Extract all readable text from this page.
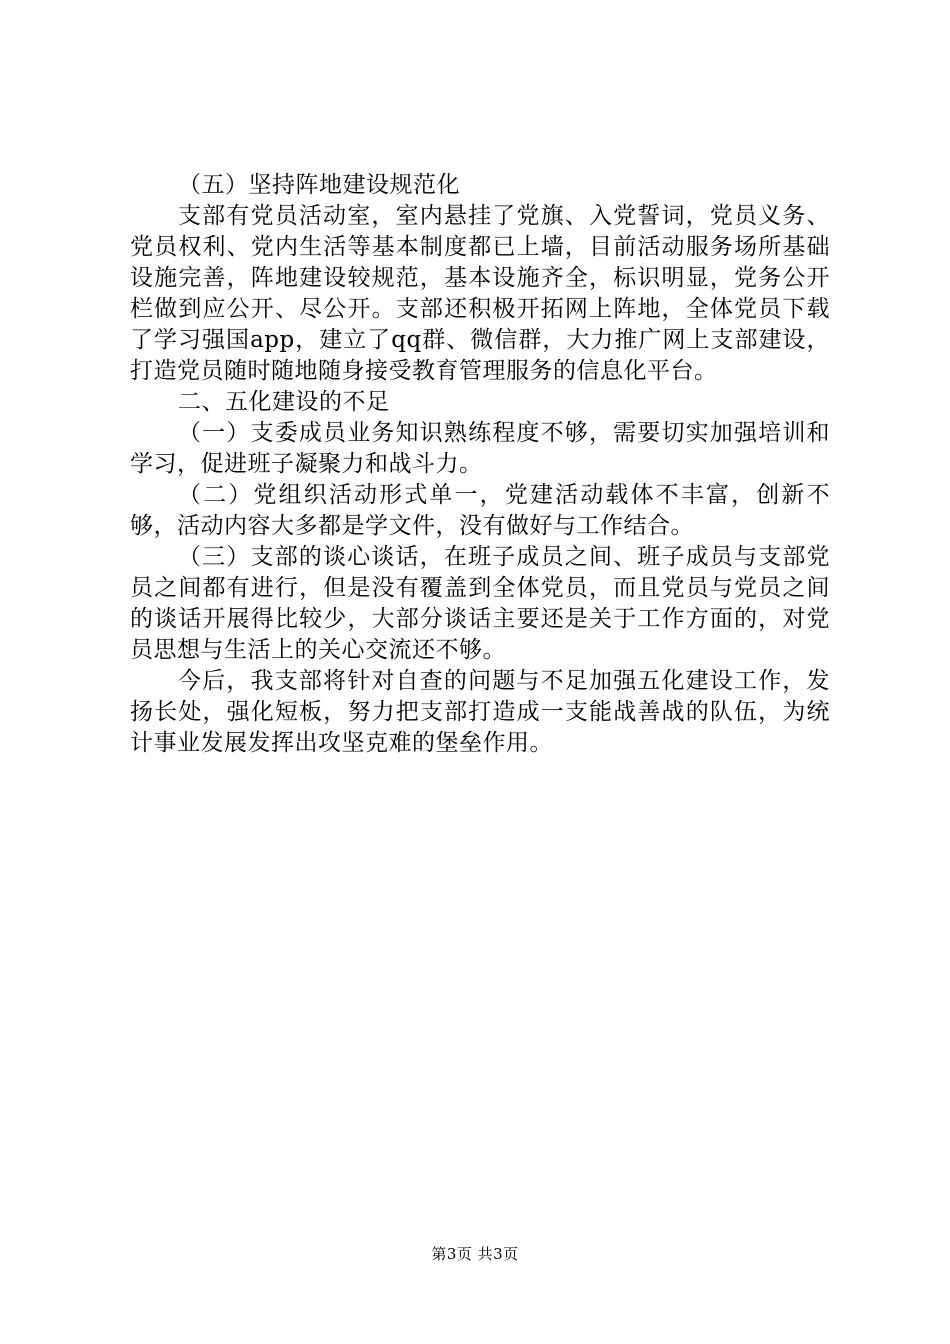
（五）坚持阵地建设规范化

支部有党员活动室，室内悬挂了党旗、入党誓词，党员义务、党员权利、党内生活等基本制度都已上墙，目前活动服务场所基础设施完善，阵地建设较规范，基本设施齐全，标识明显，党务公开栏做到应公开、尽公开。支部还积极开拓网上阵地，全体党员下载了学习强国app，建立了qq群、微信群，大力推广网上支部建设，打造党员随时随地随身接受教育管理服务的信息化平台。

二、五化建设的不足

（一）支委成员业务知识熟练程度不够，需要切实加强培训和学习，促进班子凝聚力和战斗力。

（二）党组织活动形式单一，党建活动载体不丰富，创新不够，活动内容大多都是学文件，没有做好与工作结合。

（三）支部的谈心谈话，在班子成员之间、班子成员与支部党员之间都有进行，但是没有覆盖到全体党员，而且党员与党员之间的谈话开展得比较少，大部分谈话主要还是关于工作方面的，对党员思想与生活上的关心交流还不够。

今后，我支部将针对自查的问题与不足加强五化建设工作，发扬长处，强化短板，努力把支部打造成一支能战善战的队伍，为统计事业发展发挥出攻坚克难的堡垒作用。

第3页 共3页
